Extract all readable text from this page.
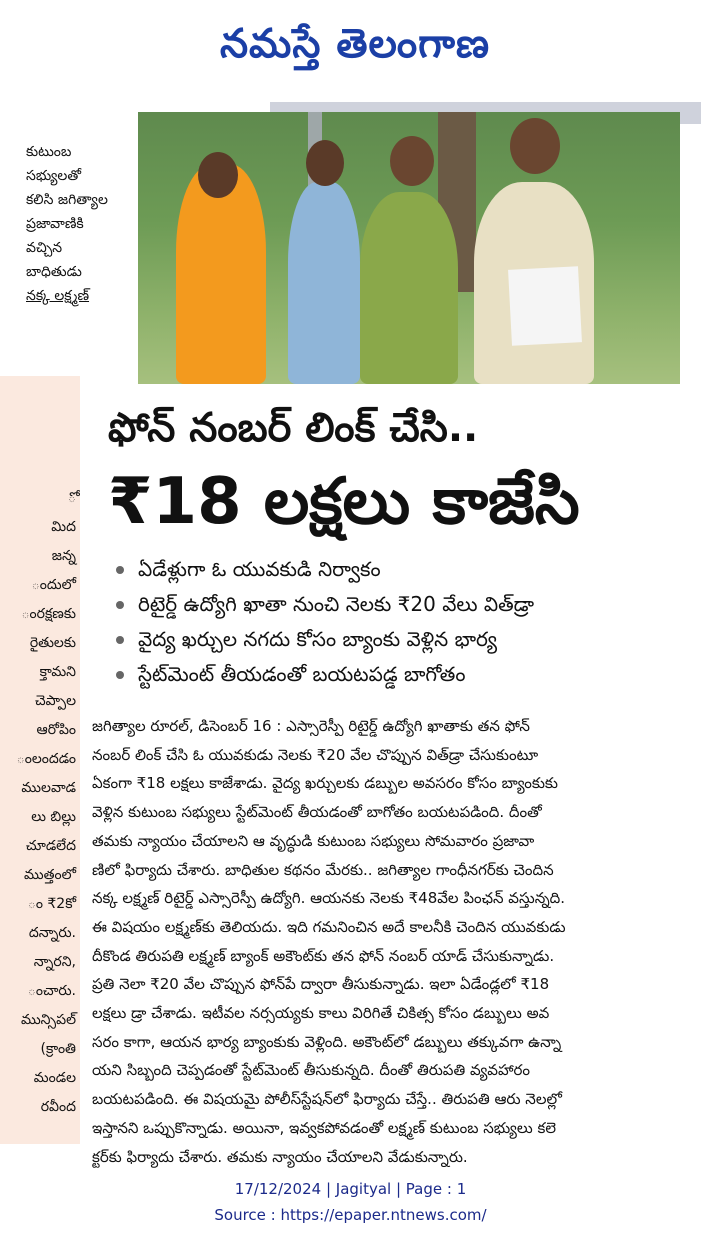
నమస్తే తెలంగాణ
కుటుంబ
సభ్యులతో
కలిసి జగిత్యాల
ప్రజావాణికి
వచ్చిన
బాధితుడు
నక్క లక్ష్మణ్
ో
మిద
జన్న
ందులో
ంరక్షణకు
రైతులకు
క్తామని
చెప్పాల
ఆరోపిం
ంలందడం
ములవాడ
లు బిల్లు
చూడలేద
ముత్తంలో
ం ₹2కో
దన్నారు.
న్నారని,
ంచారు.
మున్సిపల్
(క్రాంతి
మండల
రవీంద
ఫోన్ నంబర్ లింక్ చేసి..
₹18 లక్షలు కాజేసి
ఏడేళ్లుగా ఓ యువకుడి నిర్వాకం
రిటైర్డ్ ఉద్యోగి ఖాతా నుంచి నెలకు ₹20 వేలు విత్‌డ్రా
వైద్య ఖర్చుల నగదు కోసం బ్యాంకు వెళ్లిన భార్య
స్టేట్‌మెంట్ తీయడంతో బయటపడ్డ బాగోతం
జగిత్యాల రూరల్, డిసెంబర్ 16 : ఎస్సారెస్పీ రిటైర్డ్ ఉద్యోగి ఖాతాకు తన ఫోన్
నంబర్ లింక్ చేసి ఓ యువకుడు నెలకు ₹20 వేల చొప్పున విత్‌డ్రా చేసుకుంటూ
ఏకంగా ₹18 లక్షలు కాజేశాడు. వైద్య ఖర్చులకు డబ్బుల అవసరం కోసం బ్యాంకుకు
వెళ్లిన కుటుంబ సభ్యులు స్టేట్‌మెంట్ తీయడంతో బాగోతం బయటపడింది. దీంతో
తమకు న్యాయం చేయాలని ఆ వృద్ధుడి కుటుంబ సభ్యులు సోమవారం ప్రజావా
ణిలో ఫిర్యాదు చేశారు. బాధితుల కథనం మేరకు.. జగిత్యాల గాంధీనగర్‌కు చెందిన
నక్క లక్ష్మణ్ రిటైర్డ్ ఎస్సారెస్పీ ఉద్యోగి. ఆయనకు నెలకు ₹48వేల పింఛన్ వస్తున్నది.
ఈ విషయం లక్ష్మణ్‌కు తెలియదు. ఇది గమనించిన అదే కాలనీకి చెందిన యువకుడు
దీకొండ తిరుపతి లక్ష్మణ్ బ్యాంక్ అకౌంట్‌కు తన ఫోన్ నంబర్ యాడ్ చేసుకున్నాడు.
ప్రతి నెలా ₹20 వేల చొప్పున ఫోన్‌పే ద్వారా తీసుకున్నాడు. ఇలా ఏడేండ్లలో ₹18
లక్షలు డ్రా చేశాడు. ఇటీవల నర్సయ్యకు కాలు విరిగితే చికిత్స కోసం డబ్బులు అవ
సరం కాగా, ఆయన భార్య బ్యాంకుకు వెళ్లింది. అకౌంట్‌లో డబ్బులు తక్కువగా ఉన్నా
యని సిబ్బంది చెప్పడంతో స్టేట్‌మెంట్ తీసుకున్నది. దీంతో తిరుపతి వ్యవహారం
బయటపడింది. ఈ విషయమై పోలీస్‌స్టేషన్‌లో ఫిర్యాదు చేస్తే.. తిరుపతి ఆరు నెలల్లో
ఇస్తానని ఒప్పుకొన్నాడు. అయినా, ఇవ్వకపోవడంతో లక్ష్మణ్ కుటుంబ సభ్యులు కలె
క్టర్‌కు ఫిర్యాదు చేశారు. తమకు న్యాయం చేయాలని వేడుకున్నారు.
17/12/2024 | Jagityal | Page : 1
Source : https://epaper.ntnews.com/
